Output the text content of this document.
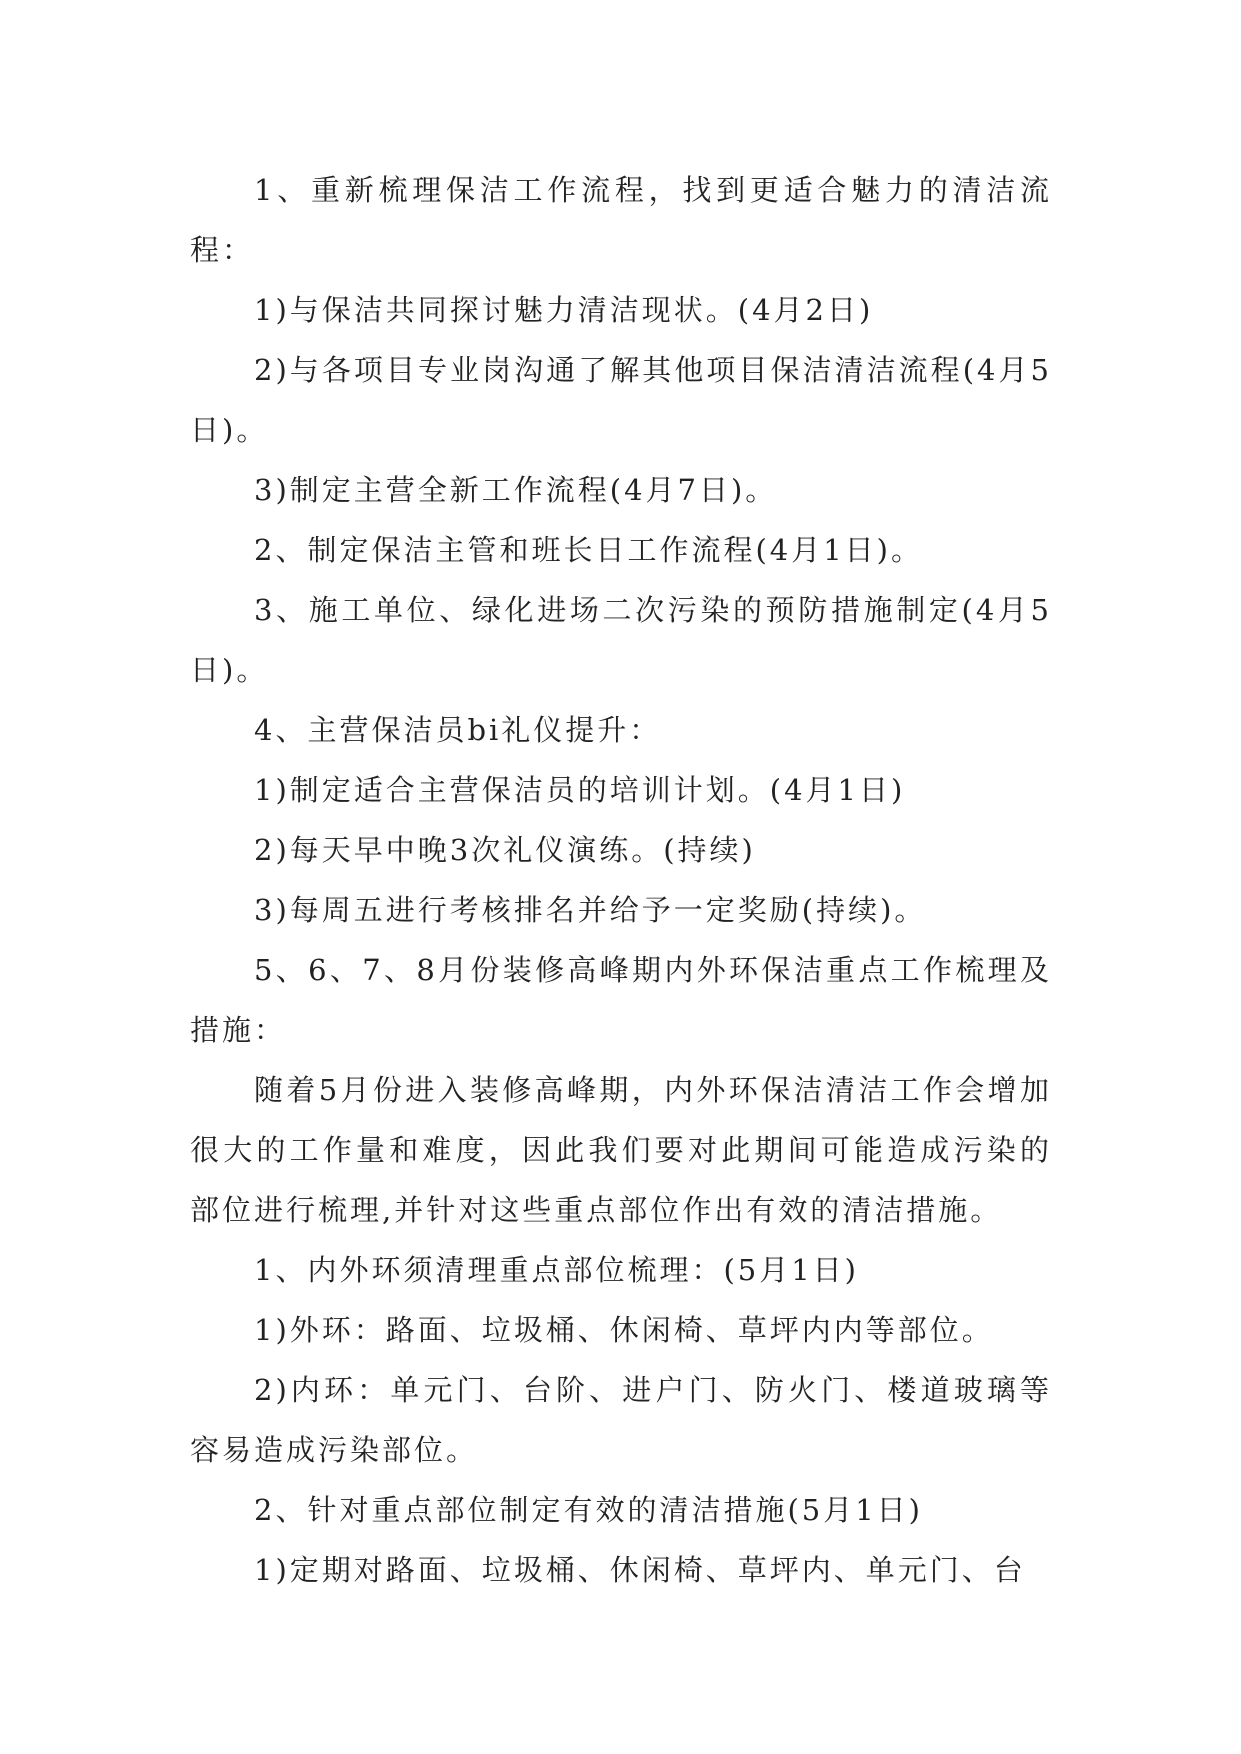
1、重新梳理保洁工作流程，找到更适合魅力的清洁流程：

1)与保洁共同探讨魅力清洁现状。(4月2日)

2)与各项目专业岗沟通了解其他项目保洁清洁流程(4月5日)。

3)制定主营全新工作流程(4月7日)。

2、制定保洁主管和班长日工作流程(4月1日)。

3、施工单位、绿化进场二次污染的预防措施制定(4月5日)。

4、主营保洁员bi礼仪提升：

1)制定适合主营保洁员的培训计划。(4月1日)

2)每天早中晚3次礼仪演练。(持续)

3)每周五进行考核排名并给予一定奖励(持续)。

5、6、7、8月份装修高峰期内外环保洁重点工作梳理及措施：

随着5月份进入装修高峰期，内外环保洁清洁工作会增加很大的工作量和难度，因此我们要对此期间可能造成污染的部位进行梳理,并针对这些重点部位作出有效的清洁措施。

1、内外环须清理重点部位梳理：(5月1日)

1)外环：路面、垃圾桶、休闲椅、草坪内内等部位。

2)内环：单元门、台阶、进户门、防火门、楼道玻璃等容易造成污染部位。

2、针对重点部位制定有效的清洁措施(5月1日)

1)定期对路面、垃圾桶、休闲椅、草坪内、单元门、台
